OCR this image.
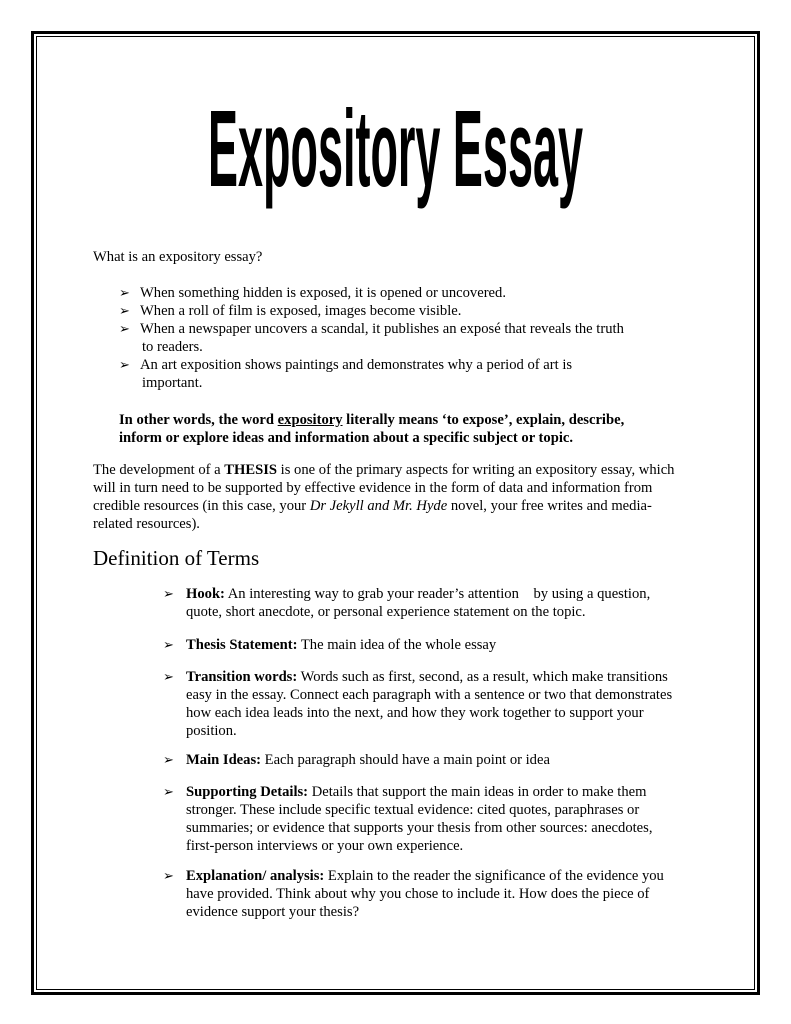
Expository Essay
What is an expository essay?
➢ When something hidden is exposed, it is opened or uncovered.
➢ When a roll of film is exposed, images become visible.
➢ When a newspaper uncovers a scandal, it publishes an exposé that reveals the truth
to readers.
➢ An art exposition shows paintings and demonstrates why a period of art is
important.
In other words, the word expository literally means ‘to expose’, explain, describe,
inform or explore ideas and information about a specific subject or topic.
The development of a THESIS is one of the primary aspects for writing an expository essay, which
will in turn need to be supported by effective evidence in the form of data and information from
credible resources (in this case, your Dr Jekyll and Mr. Hyde novel, your free writes and media-
related resources).
Definition of Terms
➢ Hook: An interesting way to grab your reader’s attention    by using a question,
quote, short anecdote, or personal experience statement on the topic.
➢ Thesis Statement: The main idea of the whole essay
➢ Transition words: Words such as first, second, as a result, which make transitions
easy in the essay. Connect each paragraph with a sentence or two that demonstrates
how each idea leads into the next, and how they work together to support your
position.
➢ Main Ideas: Each paragraph should have a main point or idea
➢ Supporting Details: Details that support the main ideas in order to make them
stronger. These include specific textual evidence: cited quotes, paraphrases or
summaries; or evidence that supports your thesis from other sources: anecdotes,
first-person interviews or your own experience.
➢ Explanation/ analysis: Explain to the reader the significance of the evidence you
have provided. Think about why you chose to include it. How does the piece of
evidence support your thesis?
